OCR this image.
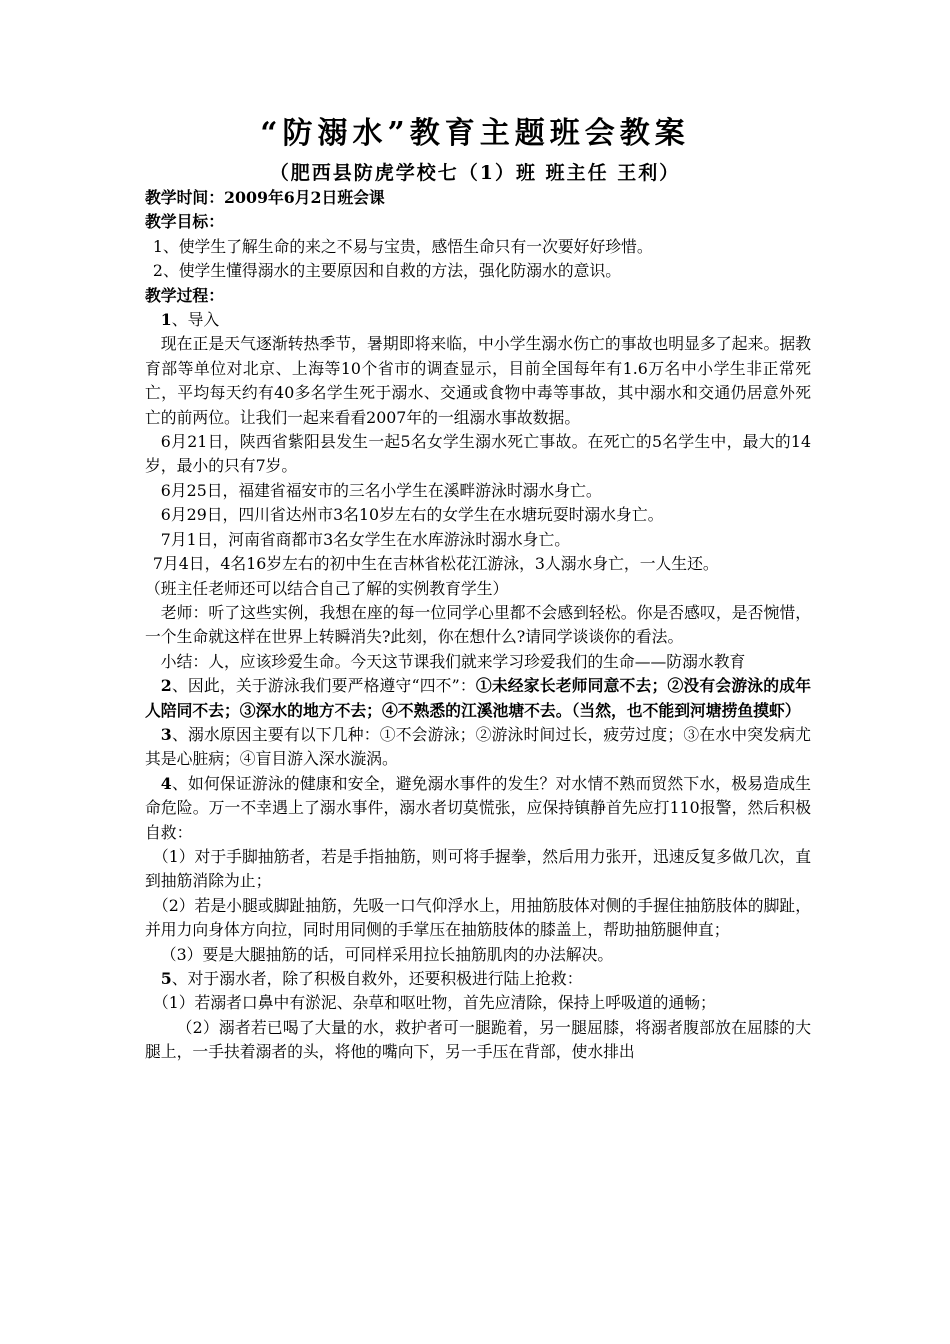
“防溺水”教育主题班会教案
（肥西县防虎学校七（1）班 班主任 王利）

教学时间：2009年6月2日班会课

教学目标：

1、使学生了解生命的来之不易与宝贵，感悟生命只有一次要好好珍惜。

2、使学生懂得溺水的主要原因和自救的方法，强化防溺水的意识。

教学过程：

1、导入

现在正是天气逐渐转热季节，暑期即将来临，中小学生溺水伤亡的事故也明显多了起来。据教育部等单位对北京、上海等10个省市的调查显示，目前全国每年有1.6万名中小学生非正常死亡，平均每天约有40多名学生死于溺水、交通或食物中毒等事故，其中溺水和交通仍居意外死亡的前两位。让我们一起来看看2007年的一组溺水事故数据。

6月21日，陕西省紫阳县发生一起5名女学生溺水死亡事故。在死亡的5名学生中，最大的14岁，最小的只有7岁。

6月25日，福建省福安市的三名小学生在溪畔游泳时溺水身亡。

6月29日，四川省达州市3名10岁左右的女学生在水塘玩耍时溺水身亡。

7月1日，河南省商都市3名女学生在水库游泳时溺水身亡。

7月4日，4名16岁左右的初中生在吉林省松花江游泳，3人溺水身亡，一人生还。

（班主任老师还可以结合自己了解的实例教育学生）

老师：听了这些实例，我想在座的每一位同学心里都不会感到轻松。你是否感叹，是否惋惜，一个生命就这样在世界上转瞬消失?此刻，你在想什么?请同学谈谈你的看法。

小结：人，应该珍爱生命。今天这节课我们就来学习珍爱我们的生命——防溺水教育

2、因此，关于游泳我们要严格遵守“四不”：①未经家长老师同意不去；②没有会游泳的成年人陪同不去；③深水的地方不去；④不熟悉的江溪池塘不去。（当然，也不能到河塘捞鱼摸虾）

3、溺水原因主要有以下几种：①不会游泳；②游泳时间过长，疲劳过度；③在水中突发病尤其是心脏病；④盲目游入深水漩涡。

4、如何保证游泳的健康和安全，避免溺水事件的发生？对水情不熟而贸然下水，极易造成生命危险。万一不幸遇上了溺水事件，溺水者切莫慌张，应保持镇静首先应打110报警，然后积极自救：

（1）对于手脚抽筋者，若是手指抽筋，则可将手握拳，然后用力张开，迅速反复多做几次，直到抽筋消除为止；

（2）若是小腿或脚趾抽筋，先吸一口气仰浮水上，用抽筋肢体对侧的手握住抽筋肢体的脚趾，并用力向身体方向拉，同时用同侧的手掌压在抽筋肢体的膝盖上，帮助抽筋腿伸直；

（3）要是大腿抽筋的话，可同样采用拉长抽筋肌肉的办法解决。

5、对于溺水者，除了积极自救外，还要积极进行陆上抢救：

（1）若溺者口鼻中有淤泥、杂草和呕吐物，首先应清除，保持上呼吸道的通畅；

（2）溺者若已喝了大量的水，救护者可一腿跪着，另一腿屈膝，将溺者腹部放在屈膝的大腿上，一手扶着溺者的头，将他的嘴向下，另一手压在背部，使水排出
